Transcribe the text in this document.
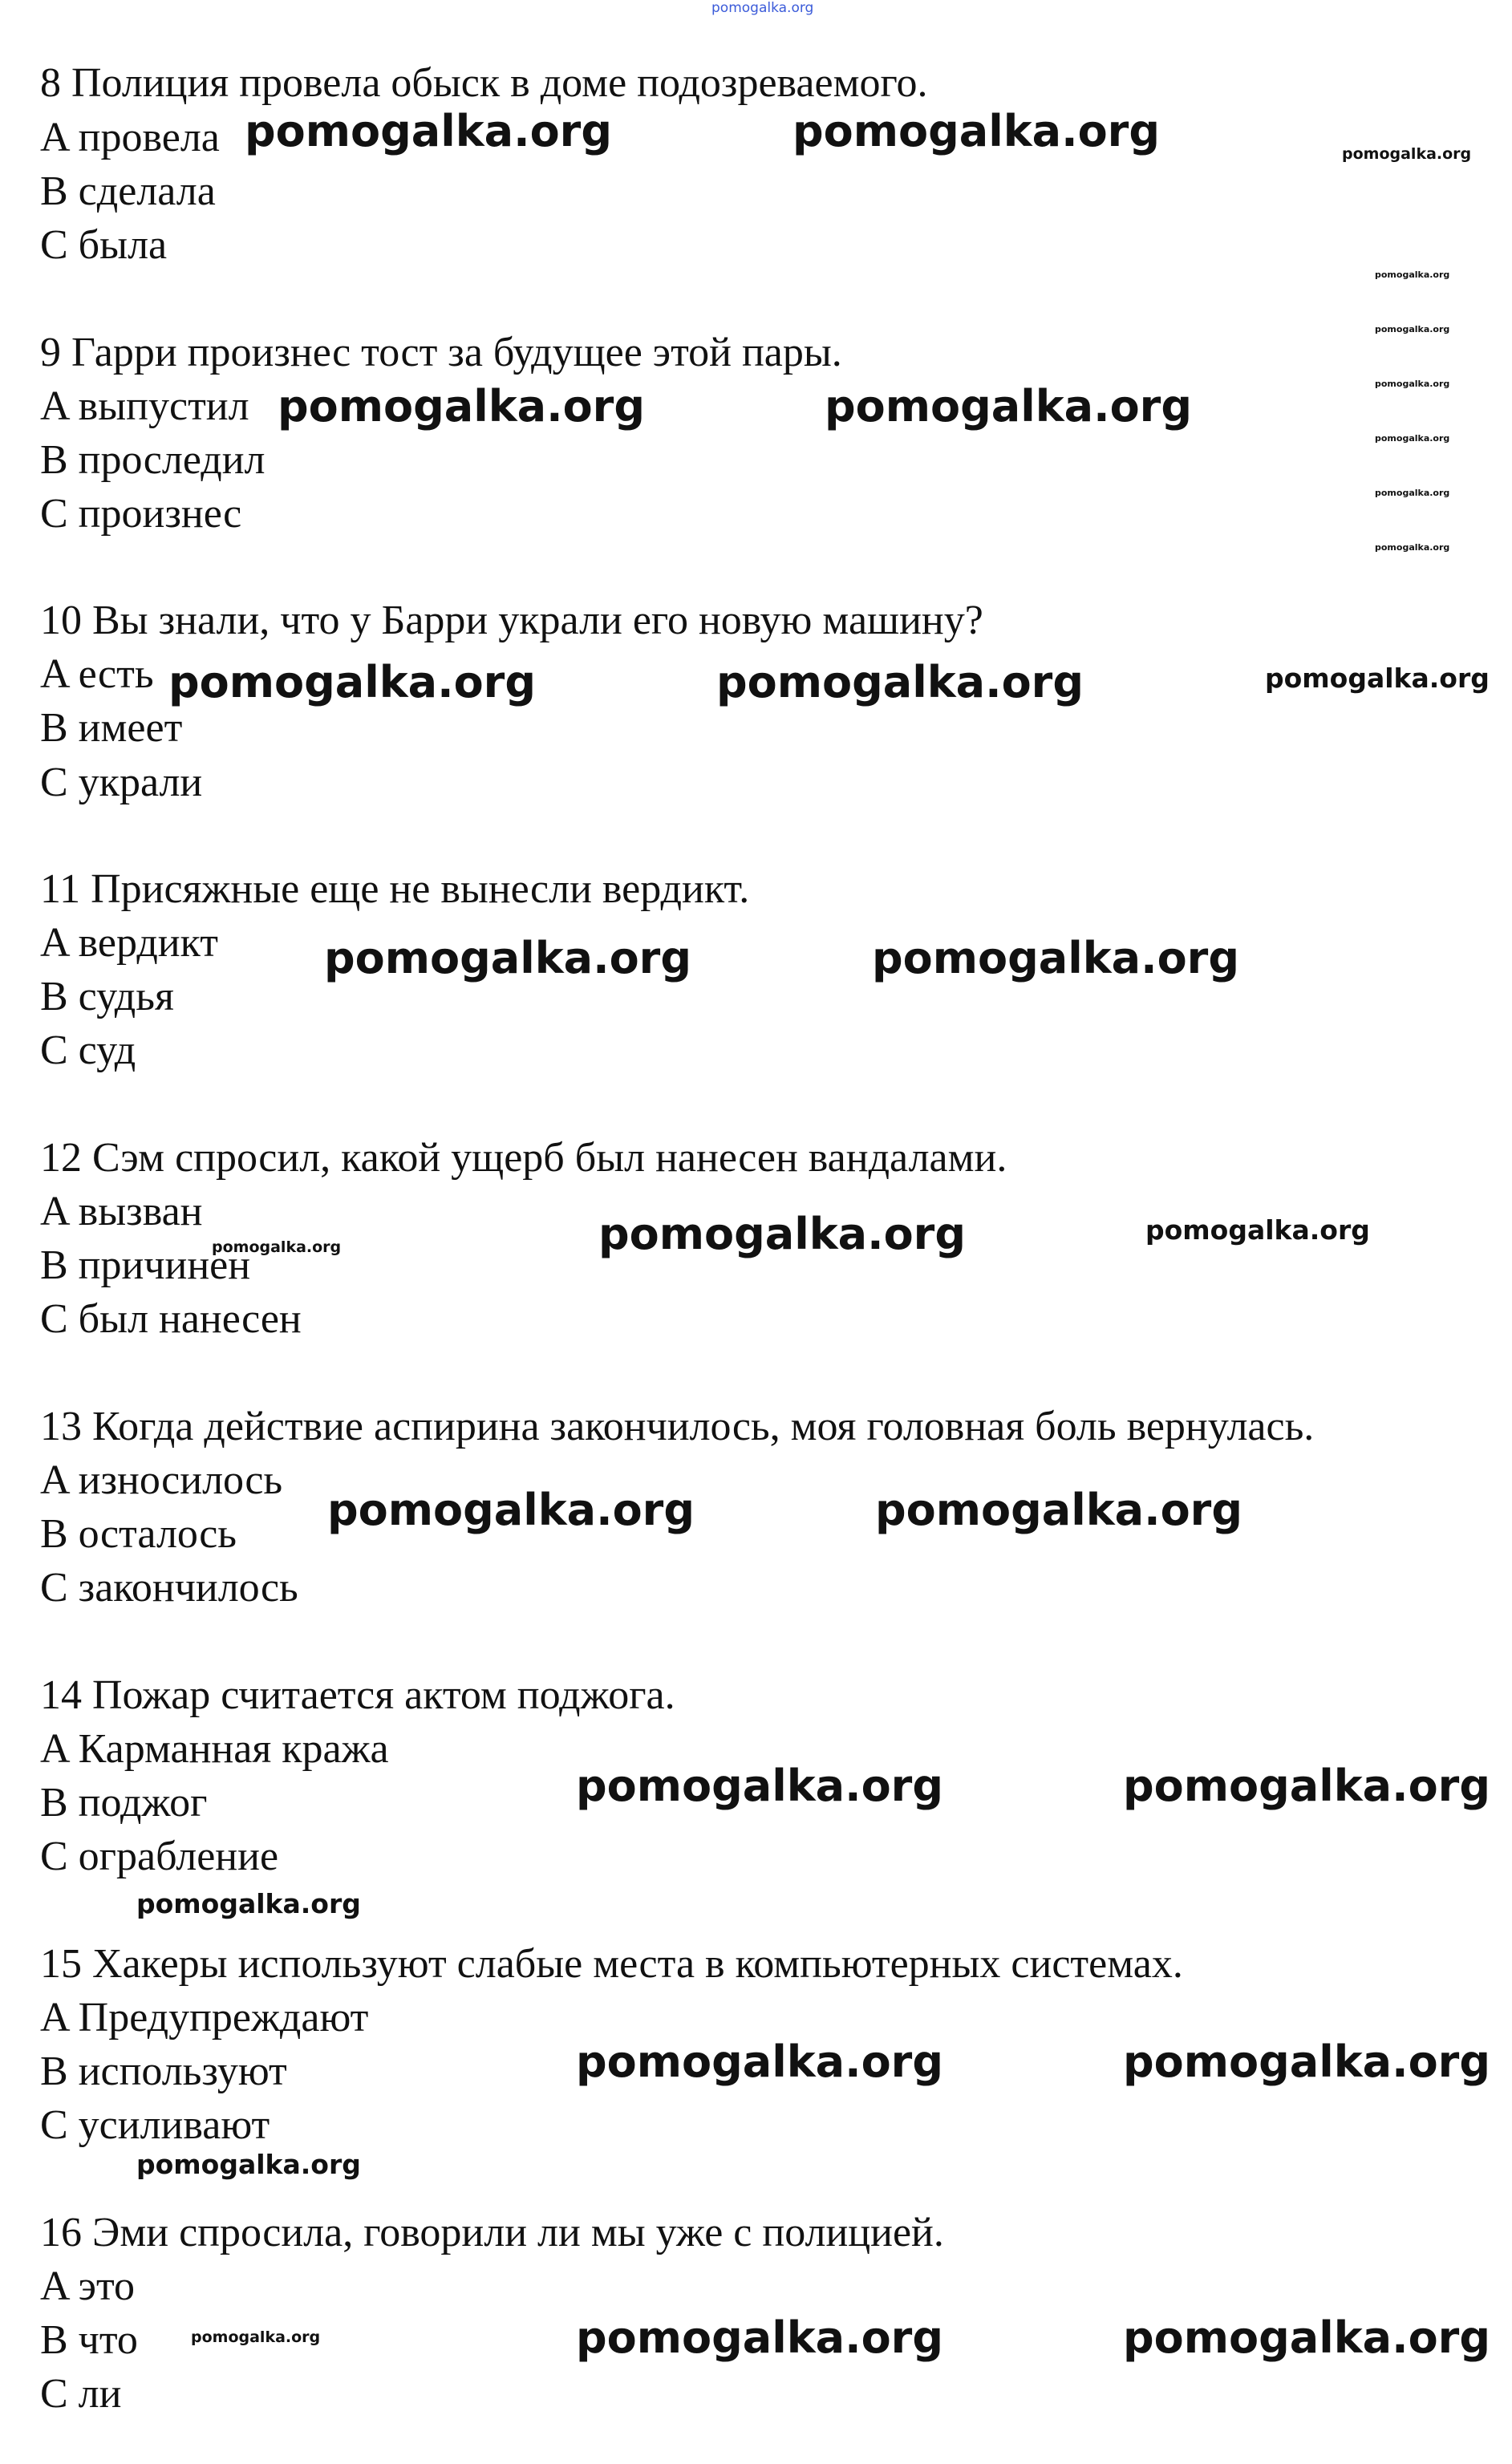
pomogalka.org
8 Полиция провела обыск в доме подозреваемого.
A провела
B сделала
C была
9 Гарри произнес тост за будущее этой пары.
A выпустил
B проследил
C произнес
10 Вы знали, что у Барри украли его новую машину?
A есть
B имеет
C украли
11 Присяжные еще не вынесли вердикт.
A вердикт
B судья
C суд
12 Сэм спросил, какой ущерб был нанесен вандалами.
A вызван
B причинен
C был нанесен
13 Когда действие аспирина закончилось, моя головная боль вернулась.
A износилось
B осталось
C закончилось
14 Пожар считается актом поджога.
A Карманная кража
B поджог
C ограбление
15 Хакеры используют слабые места в компьютерных системах.
A Предупреждают
B используют
C усиливают
16 Эми спросила, говорили ли мы уже с полицией.
A это
B что
C ли
pomogalka.org	pomogalka.org
pomogalka.org	pomogalka.org
pomogalka.org	pomogalka.org
pomogalka.org	pomogalka.org
pomogalka.org
pomogalka.org	pomogalka.org
pomogalka.org	pomogalka.org
pomogalka.org	pomogalka.org
pomogalka.org	pomogalka.org
pomogalka.org
pomogalka.org
pomogalka.org
pomogalka.org
pomogalka.org
pomogalka.org
pomogalka.org
pomogalka.org
pomogalka.org
pomogalka.org
pomogalka.org
pomogalka.org
pomogalka.org
